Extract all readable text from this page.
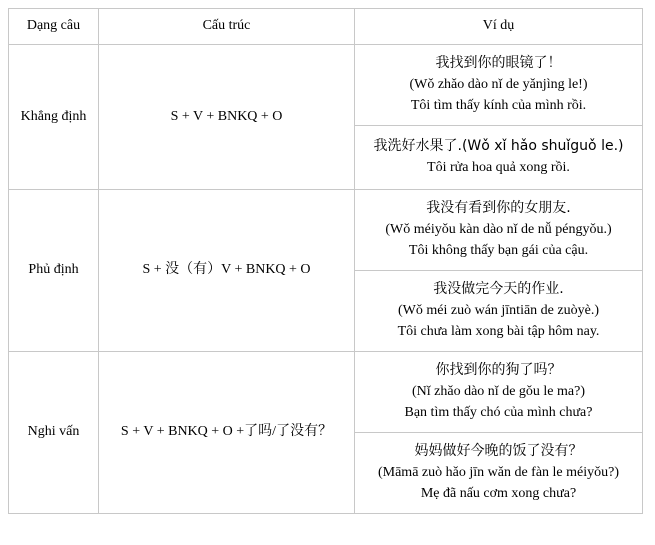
Dạng câu	Cấu trúc	Ví dụ
Khẳng định	S + V + BNKQ + O	我找到你的眼镜了！
(Wǒ zhǎo dào nǐ de yǎnjìng le!)
Tôi tìm thấy kính của mình rồi.

		我洗好水果了.(Wǒ xǐ hǎo shuǐguǒ le.)
Tôi rửa hoa quả xong rồi.

Phủ định	S + 没（有）V + BNKQ + O	我没有看到你的女朋友.
(Wǒ méiyǒu kàn dào nǐ de nǚ péngyǒu.)
Tôi không thấy bạn gái của cậu.

		我没做完今天的作业.
(Wǒ méi zuò wán jīntiān de zuòyè.)
Tôi chưa làm xong bài tập hôm nay.

Nghi vấn	S + V + BNKQ + O +了吗/了没有？	你找到你的狗了吗？
(Nǐ zhǎo dào nǐ de gǒu le ma?)
Bạn tìm thấy chó của mình chưa?

		妈妈做好今晚的饭了没有？
(Māmā zuò hǎo jīn wǎn de fàn le méiyǒu?)
Mẹ đã nấu cơm xong chưa?
